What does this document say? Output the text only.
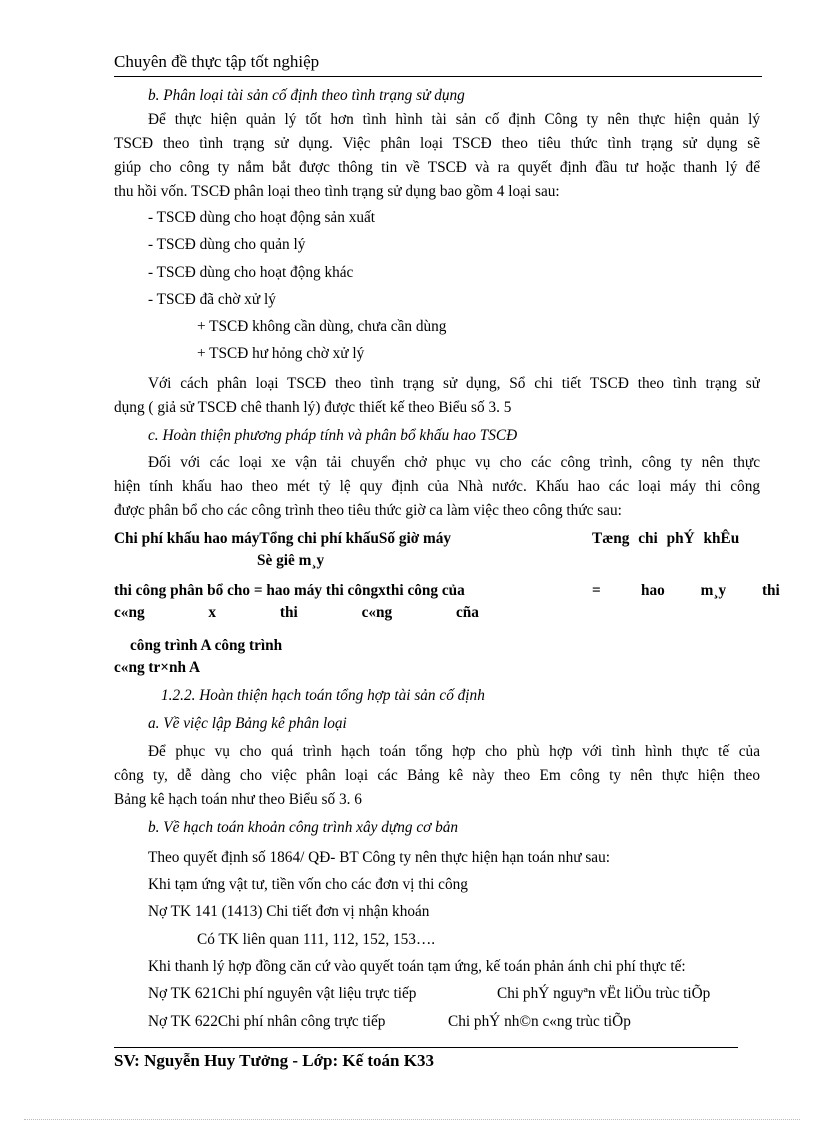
Chuyên đề thực tập tốt nghiệp
b. Phân loại tài sản cố định theo tình trạng sử dụng
Để thực hiện quản lý tốt hơn tình hình tài sản cố định Công ty nên thực hiện quản lý
TSCĐ theo tình trạng sử dụng. Việc phân loại TSCĐ theo tiêu thức tình trạng sử dụng sẽ
giúp cho công ty nắm bắt được thông tin về TSCĐ và ra quyết định đầu tư hoặc thanh lý để
thu hồi vốn. TSCĐ phân loại theo tình trạng sử dụng bao gồm 4 loại sau:
- TSCĐ dùng cho hoạt động sản xuất
- TSCĐ dùng cho quản lý
- TSCĐ dùng cho hoạt động khác
- TSCĐ đã chờ xử lý
+ TSCĐ không cần dùng, chưa cần dùng
+ TSCĐ hư hỏng chờ xử lý
Với cách phân loại TSCĐ theo tình trạng sử dụng, Sổ chi tiết TSCĐ theo tình trạng sử
dụng ( giả sử TSCĐ chê thanh lý) được thiết kế theo Biểu số 3. 5
c. Hoàn thiện phương pháp tính và phân bổ khấu hao TSCĐ
Đối với các loại xe vận tải chuyển chở phục vụ cho các công trình, công ty nên thực
hiện tính khấu hao theo mét tỷ lệ quy định của Nhà nước. Khấu hao các loại máy thi công
được phân bổ cho các công trình theo tiêu thức giờ ca làm việc theo công thức sau:
Chi phí khấu hao máyTổng chi phí khấuSố giờ máy	Tæng chi phÝ khÊu
Sè giê m¸y
thi công phân bổ cho = hao máy thi côngxthi công của	=	hao m¸y thi
c«ng x thi c«ng cña
công trình A công trình
c«ng tr×nh A
1.2.2. Hoàn thiện hạch toán tổng hợp tài sản cố định
a. Về việc lập Bảng kê phân loại
Để phục vụ cho quá trình hạch toán tổng hợp cho phù hợp với tình hình thực tế của
công ty, dễ dàng cho việc phân loại các Bảng kê này theo Em công ty nên thực hiện theo
Bảng kê hạch toán như theo Biểu số 3. 6
b. Về hạch toán khoản công trình xây dựng cơ bản
Theo quyết định số 1864/ QĐ- BT Công ty nên thực hiện hạn toán như sau:
Khi tạm ứng vật tư, tiền vốn cho các đơn vị thi công
Nợ TK 141 (1413) Chi tiết đơn vị nhận khoán
Có TK liên quan 111, 112, 152, 153….
Khi thanh lý hợp đồng căn cứ vào quyết toán tạm ứng, kế toán phản ánh chi phí thực tế:
Nợ TK 621Chi phí nguyên vật liệu trực tiếp	Chi phÝ nguyªn vËt liÖu trùc tiÕp
Nợ TK 622Chi phí nhân công trực tiếp	Chi phÝ nh©n c«ng trùc tiÕp
SV: Nguyễn Huy Tưởng - Lớp: Kế toán K33
